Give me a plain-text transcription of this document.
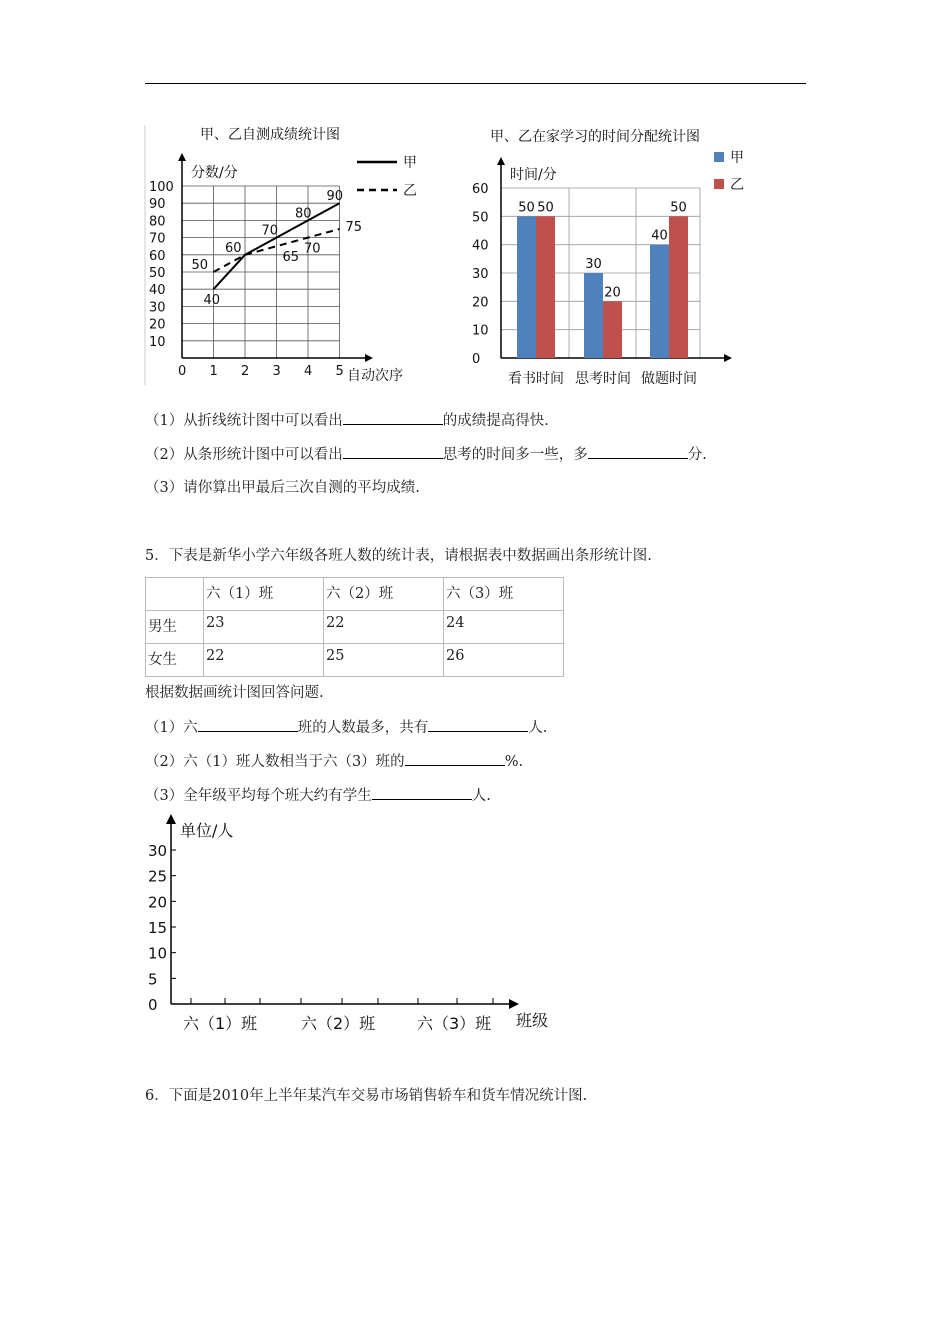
甲、乙自测成绩统计图
分数/分
自动次序
100
90
80
70
60
50
40
30
20
10
0 1 2 3 4 5
40
60
70
80
90
50
65
70
75
甲
乙
甲、乙在家学习的时间分配统计图
时间/分
60
50
40
30
20
10
0
50 50
看书时间
30
20
思考时间
40
50
做题时间
甲
乙
（1）从折线统计图中可以看出	的成绩提高得快.
（2）从条形统计图中可以看出	思考的时间多一些，多	分.
（3）请你算出甲最后三次自测的平均成绩.
5．下表是新华小学六年级各班人数的统计表，请根据表中数据画出条形统计图.
	六（1）班	六（2）班	六（3）班
男生	23	22	24
女生	22	25	26
根据数据画统计图回答问题.
（1）六	班的人数最多，共有	人.
（2）六（1）班人数相当于六（3）班的	%.
（3）全年级平均每个班大约有学生	人.
单位/人
30
25
20
15
10
5
0
六（1）班	六（2）班	六（3）班 班级
6．下面是2010年上半年某汽车交易市场销售轿车和货车情况统计图.
